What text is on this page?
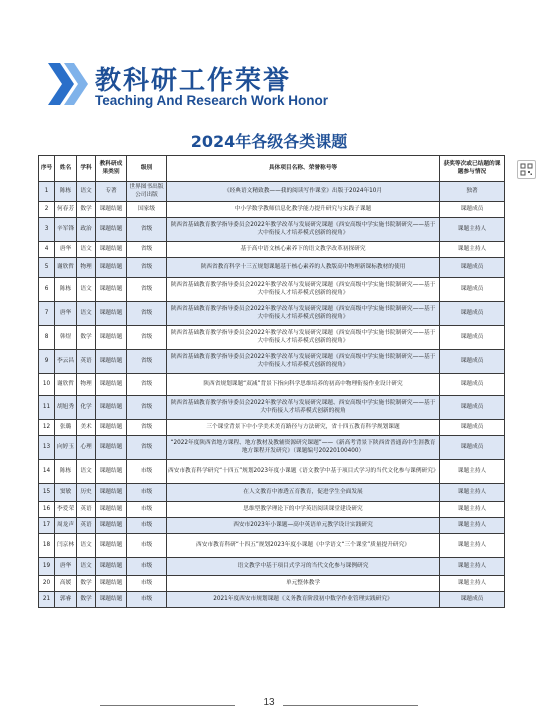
教科研工作荣誉
Teaching And Research Work Honor
2024年各级各类课题
序号	姓名	学科	教科研成果类别	级别	具体项目名称、荣誉称号等	获奖等次或已结题的课题参与情况
1	陈栋	语文	专著	世界图书出版公司出版	《经典语文精致教——我的阅读写作课堂》出版于2024年10月	独著
2	何春芳	数学	课题结题	国家级	中小学数学教师信息化教学能力提升研究与实践子课题	课题成员
3	辛军锋	政治	课题结题	省级	陕西省基础教育教学指导委员会2022年教学改革与发展研究课题《西安高级中学实施书院制研究——基于大中衔接人才培养模式创新的视角》	课题主持人
4	唐华	语文	课题结题	省级	基于高中语文核心素养下的语文教学改革初探研究	课题主持人
5	谢欣哲	物理	课题结题	省级	陕西省教育科学十三五规划课题基于核心素养的人教版高中物理新课标教材的使用	课题成员
6	陈栋	语文	课题结题	省级	陕西省基础教育教学指导委员会2022年教学改革与发展研究课题《西安高级中学实施书院制研究——基于大中衔接人才培养模式创新的视角》	课题成员
7	唐华	语文	课题结题	省级	陕西省基础教育教学指导委员会2022年教学改革与发展研究课题《西安高级中学实施书院制研究——基于大中衔接人才培养模式创新的视角》	课题成员
8	韩煜	数学	课题结题	省级	陕西省基础教育教学指导委员会2022年教学改革与发展研究课题《西安高级中学实施书院制研究——基于大中衔接人才培养模式创新的视角》	课题成员
9	李云昌	英语	课题结题	省级	陕西省基础教育教学指导委员会2022年教学改革与发展研究课题《西安高级中学实施书院制研究——基于大中衔接人才培养模式创新的视角》	课题成员
10	谢欣哲	物理	课题结题	省级	陕西省规划课题“双减”背景下指向科学思维培养的初高中物理衔接作业设计研究	课题成员
11	胡旭秀	化学	课题结题	省级	陕西省基础教育教学指导委员会2022年教学改革与发展研究课题、西安高级中学实施书院制研究——基于大中衔接人才培养模式创新的视角	课题成员
12	张璐	美术	课题结题	省级	三个课堂背景下中小学美术美育路径与方法研究，省十四五教育科学规划课题	课题成员
13	向婷玉	心理	课题结题	省级	“2022年度陕西省地方课程、地方教材及教辅资源研究课题”——《新高考背景下陕西省普通高中生涯教育地方课程开发研究》（课题编号20220100400）	课题成员
14	陈栋	语文	课题结题	市级	西安市教育科学研究“十四五”规划2023年度小课题《语文教学中基于项目式学习的当代文化参与课例研究》	课题主持人
15	窦敏	历史	课题结题	市级	在人文教育中渗透五育教育，促进学生全面发展	课题主持人
16	李爱荣	英语	课题结题	市级	思维型教学理论下的中学英语阅读课堂建设研究	课题主持人
17	周龙声	英语	课题结题	市级	西安市2023年小课题—高中英语单元教学设计实践研究	课题主持人
18	闫京林	语文	课题结题	市级	西安市教育科研“十四五”规划2023年度小课题《中学语文“三个课堂”质量提升研究》	课题主持人
19	唐华	语文	课题结题	市级	语文教学中基于项目式学习的当代文化参与课例研究	课题主持人
20	高媛	数学	课题结题	市级	单元整体教学	课题主持人
21	郭睿	数学	课题结题	市级	2021年度西安市规划课题《义务教育阶段初中数学作业管理实践研究》	课题成员
13
